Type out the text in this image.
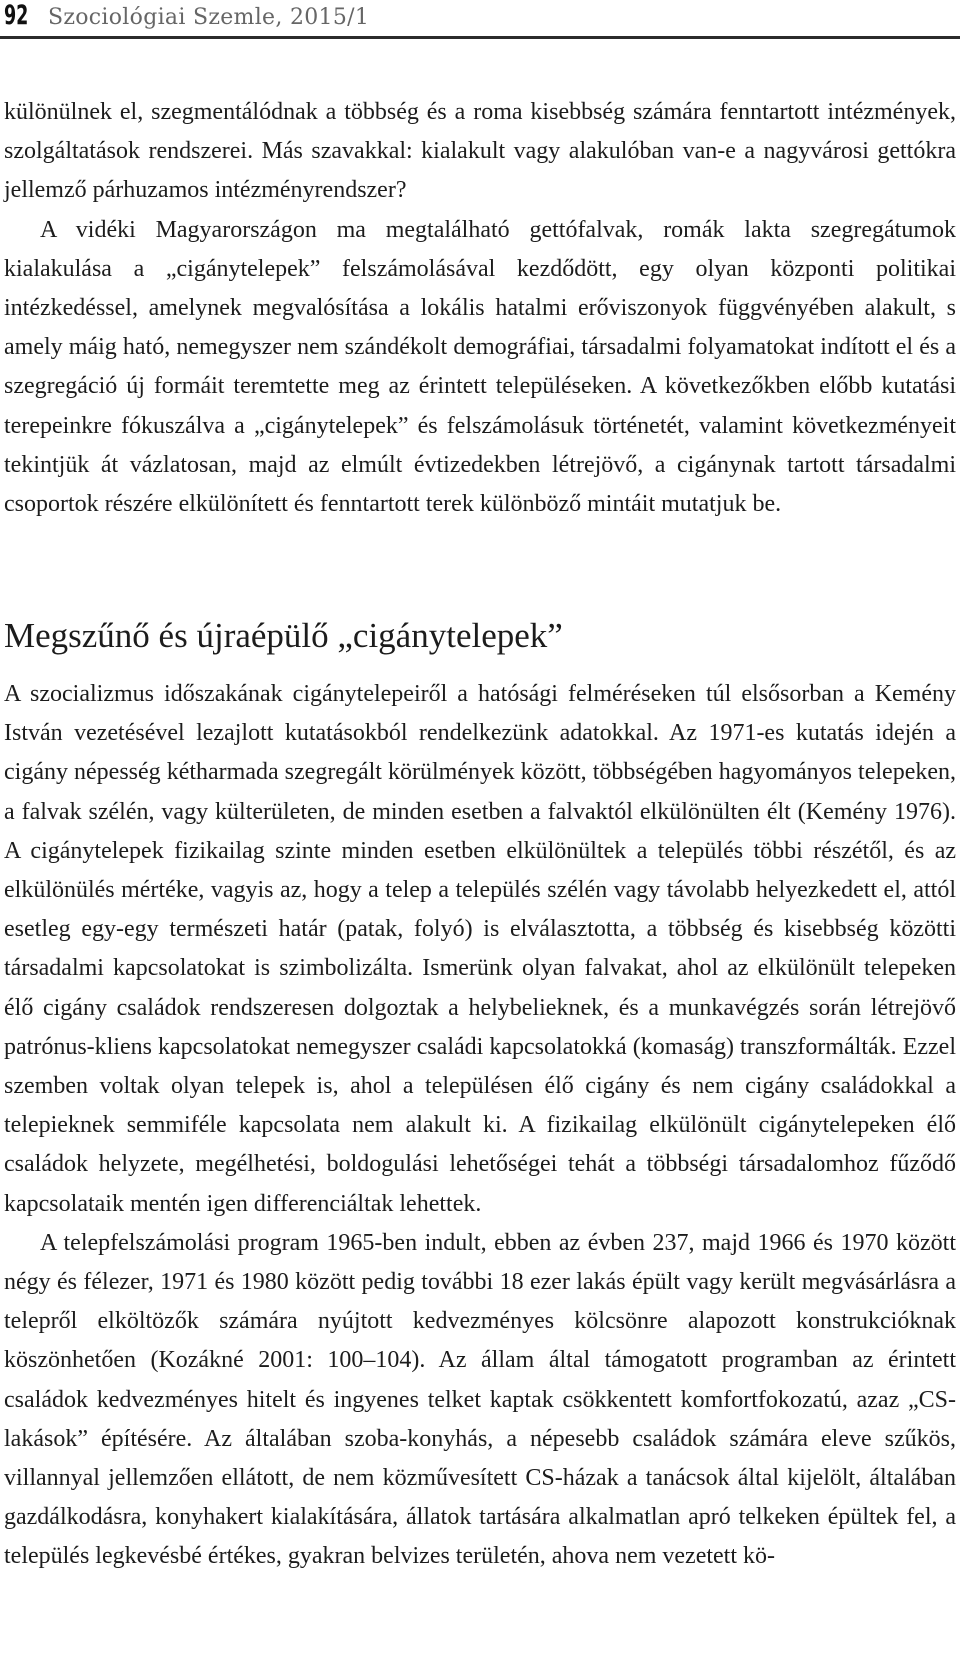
92 Szociológiai Szemle, 2015/1

különülnek el, szegmentálódnak a többség és a roma kisebbség számára fenntartott intézmények, szolgáltatások rendszerei. Más szavakkal: kialakult vagy alakulóban van-e a nagyvárosi gettókra jellemző párhuzamos intézményrendszer?

A vidéki Magyarországon ma megtalálható gettófalvak, romák lakta szegregátumok kialakulása a „cigánytelepek” felszámolásával kezdődött, egy olyan központi politikai intézkedéssel, amelynek megvalósítása a lokális hatalmi erőviszonyok függvényében alakult, s amely máig ható, nemegyszer nem szándékolt demográfiai, társadalmi folyamatokat indított el és a szegregáció új formáit teremtette meg az érintett településeken. A következőkben előbb kutatási terepeinkre fókuszálva a „cigánytelepek” és felszámolásuk történetét, valamint következményeit tekintjük át vázlatosan, majd az elmúlt évtizedekben létrejövő, a cigánynak tartott társadalmi csoportok részére elkülönített és fenntartott terek különböző mintáit mutatjuk be.

Megszűnő és újraépülő „cigánytelepek”

A szocializmus időszakának cigánytelepeiről a hatósági felméréseken túl elsősorban a Kemény István vezetésével lezajlott kutatásokból rendelkezünk adatokkal. Az 1971-es kutatás idején a cigány népesség kétharmada szegregált körülmények között, többségében hagyományos telepeken, a falvak szélén, vagy külterületen, de minden esetben a falvaktól elkülönülten élt (Kemény 1976). A cigánytelepek fizikailag szinte minden esetben elkülönültek a település többi részétől, és az elkülönülés mértéke, vagyis az, hogy a telep a település szélén vagy távolabb helyezkedett el, attól esetleg egy-egy természeti határ (patak, folyó) is elválasztotta, a többség és kisebbség közötti társadalmi kapcsolatokat is szimbolizálta. Ismerünk olyan falvakat, ahol az elkülönült telepeken élő cigány családok rendszeresen dolgoztak a helybelieknek, és a munkavégzés során létrejövő patrónus-kliens kapcsolatokat nemegyszer családi kapcsolatokká (komaság) transzformálták. Ezzel szemben voltak olyan telepek is, ahol a településen élő cigány és nem cigány családokkal a telepieknek semmiféle kapcsolata nem alakult ki. A fizikailag elkülönült cigánytelepeken élő családok helyzete, megélhetési, boldogulási lehetőségei tehát a többségi társadalomhoz fűződő kapcsolataik mentén igen differenciáltak lehettek.

A telepfelszámolási program 1965-ben indult, ebben az évben 237, majd 1966 és 1970 között négy és félezer, 1971 és 1980 között pedig további 18 ezer lakás épült vagy került megvásárlásra a telepről elköltözők számára nyújtott kedvezményes kölcsönre alapozott konstrukcióknak köszönhetően (Kozákné 2001: 100–104). Az állam által támogatott programban az érintett családok kedvezményes hitelt és ingyenes telket kaptak csökkentett komfortfokozatú, azaz „CS-lakások” építésére. Az általában szoba-konyhás, a népesebb családok számára eleve szűkös, villannyal jellemzően ellátott, de nem közművesített CS-házak a tanácsok által kijelölt, általában gazdálkodásra, konyhakert kialakítására, állatok tartására alkalmatlan apró telkeken épültek fel, a település legkevésbé értékes, gyakran belvizes területén, ahova nem vezetett kö-
